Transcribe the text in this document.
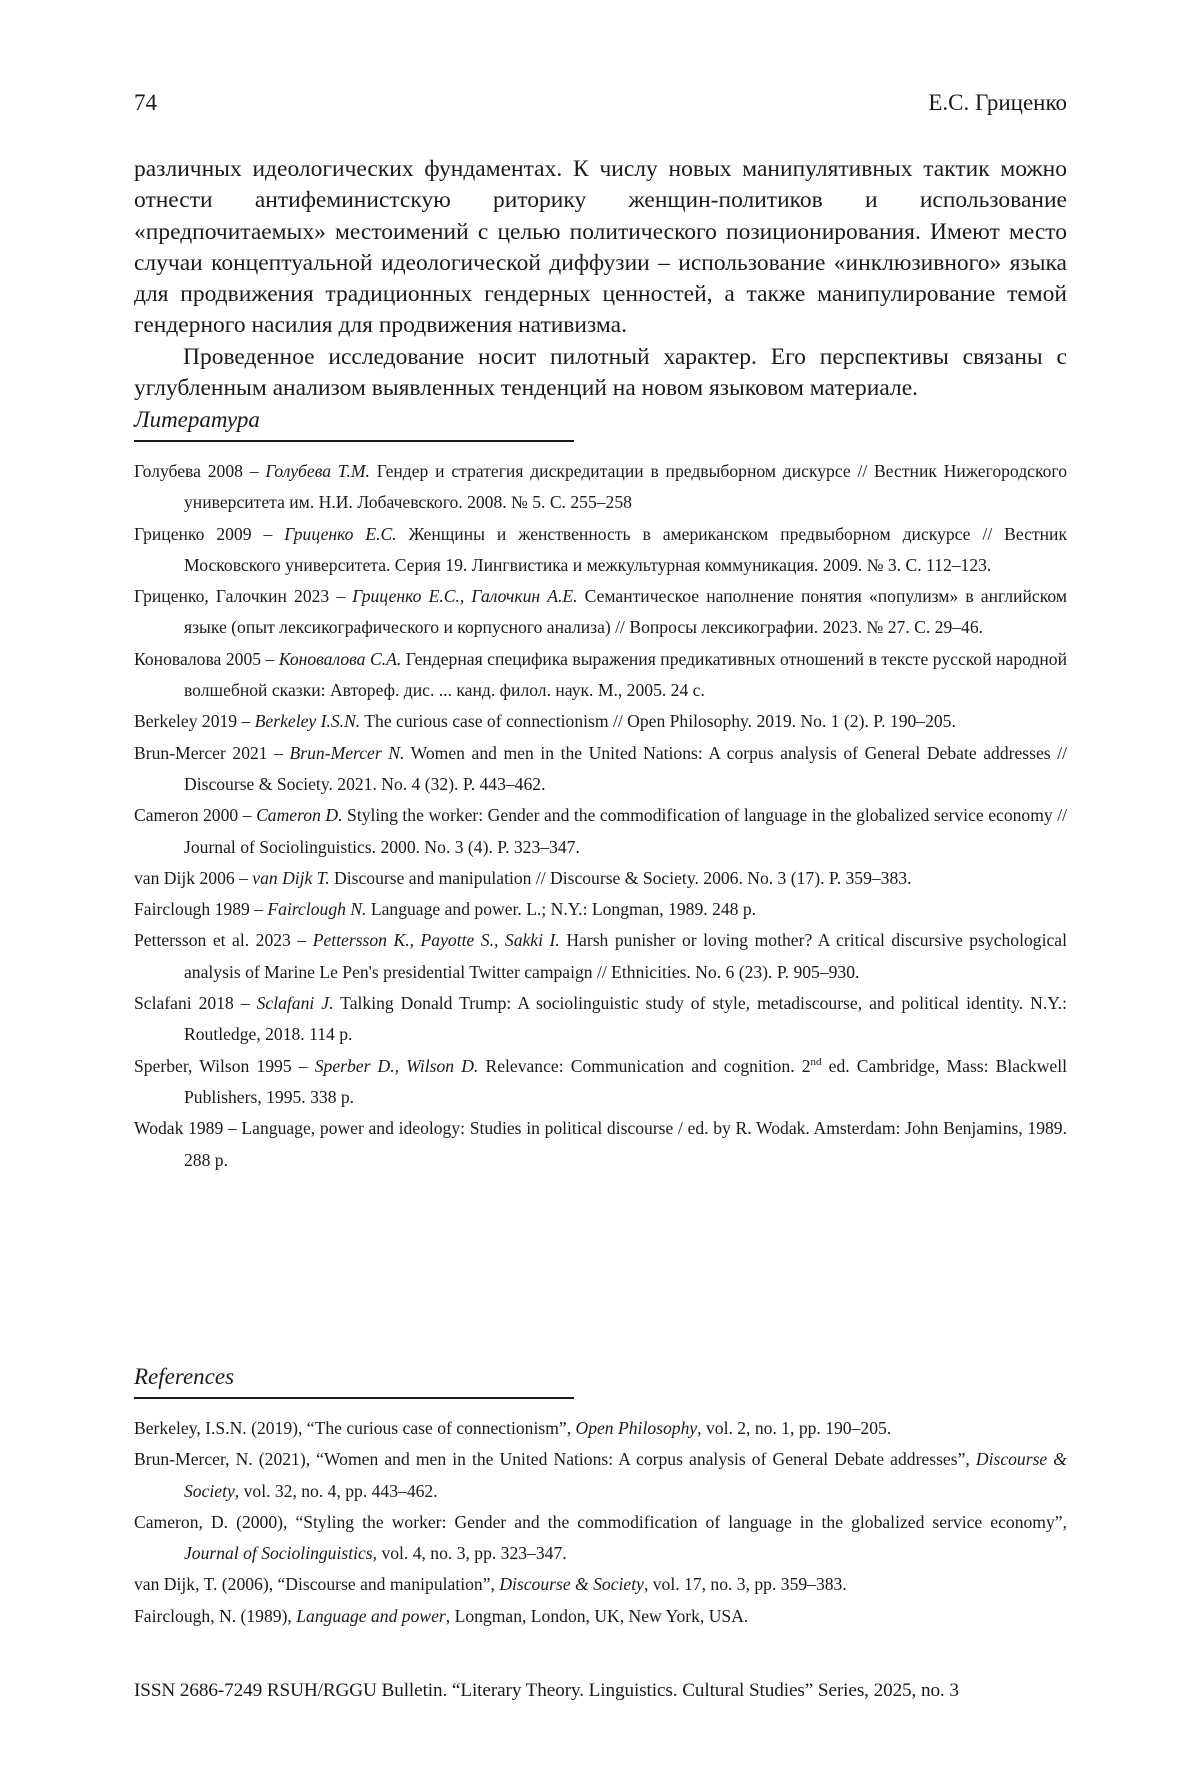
74	Е.С. Гриценко

различных идеологических фундаментах. К числу новых манипулятивных тактик можно отнести антифеминистскую риторику женщин-политиков и использование «предпочитаемых» местоимений с целью политического позиционирования. Имеют место случаи концептуальной идеологической диффузии – использование «инклюзивного» языка для продвижения традиционных гендерных ценностей, а также манипулирование темой гендерного насилия для продвижения нативизма.

Проведенное исследование носит пилотный характер. Его перспективы связаны с углубленным анализом выявленных тенденций на новом языковом материале.

Литература

Голубева 2008 – Голубева Т.М. Гендер и стратегия дискредитации в предвыборном дискурсе // Вестник Нижегородского университета им. Н.И. Лобачевского. 2008. № 5. С. 255–258

Гриценко 2009 – Гриценко Е.С. Женщины и женственность в американском предвыборном дискурсе // Вестник Московского университета. Серия 19. Лингвистика и межкультурная коммуникация. 2009. № 3. С. 112–123.

Гриценко, Галочкин 2023 – Гриценко Е.С., Галочкин А.Е. Семантическое наполнение понятия «популизм» в английском языке (опыт лексикографического и корпусного анализа) // Вопросы лексикографии. 2023. № 27. С. 29–46.

Коновалова 2005 – Коновалова С.А. Гендерная специфика выражения предикативных отношений в тексте русской народной волшебной сказки: Автореф. дис. ... канд. филол. наук. М., 2005. 24 с.

Berkeley 2019 – Berkeley I.S.N. The curious case of connectionism // Open Philosophy. 2019. No. 1 (2). P. 190–205.

Brun-Mercer 2021 – Brun-Mercer N. Women and men in the United Nations: A corpus analysis of General Debate addresses // Discourse & Society. 2021. No. 4 (32). P. 443–462.

Cameron 2000 – Cameron D. Styling the worker: Gender and the commodification of language in the globalized service economy // Journal of Sociolinguistics. 2000. No. 3 (4). P. 323–347.

van Dijk 2006 – van Dijk T. Discourse and manipulation // Discourse & Society. 2006. No. 3 (17). P. 359–383.

Fairclough 1989 – Fairclough N. Language and power. L.; N.Y.: Longman, 1989. 248 p.

Pettersson et al. 2023 – Pettersson K., Payotte S., Sakki I. Harsh punisher or loving mother? A critical discursive psychological analysis of Marine Le Pen's presidential Twitter campaign // Ethnicities. No. 6 (23). P. 905–930.

Sclafani 2018 – Sclafani J. Talking Donald Trump: A sociolinguistic study of style, metadiscourse, and political identity. N.Y.: Routledge, 2018. 114 p.

Sperber, Wilson 1995 – Sperber D., Wilson D. Relevance: Communication and cognition. 2nd ed. Cambridge, Mass: Blackwell Publishers, 1995. 338 p.

Wodak 1989 – Language, power and ideology: Studies in political discourse / ed. by R. Wodak. Amsterdam: John Benjamins, 1989. 288 p.

References

Berkeley, I.S.N. (2019), “The curious case of connectionism”, Open Philosophy, vol. 2, no. 1, pp. 190–205.

Brun-Mercer, N. (2021), “Women and men in the United Nations: A corpus analysis of General Debate addresses”, Discourse & Society, vol. 32, no. 4, pp. 443–462.

Cameron, D. (2000), “Styling the worker: Gender and the commodification of language in the globalized service economy”, Journal of Sociolinguistics, vol. 4, no. 3, pp. 323–347.

van Dijk, T. (2006), “Discourse and manipulation”, Discourse & Society, vol. 17, no. 3, pp. 359–383.

Fairclough, N. (1989), Language and power, Longman, London, UK, New York, USA.

ISSN 2686-7249 RSUH/RGGU Bulletin. “Literary Theory. Linguistics. Cultural Studies” Series, 2025, no. 3
